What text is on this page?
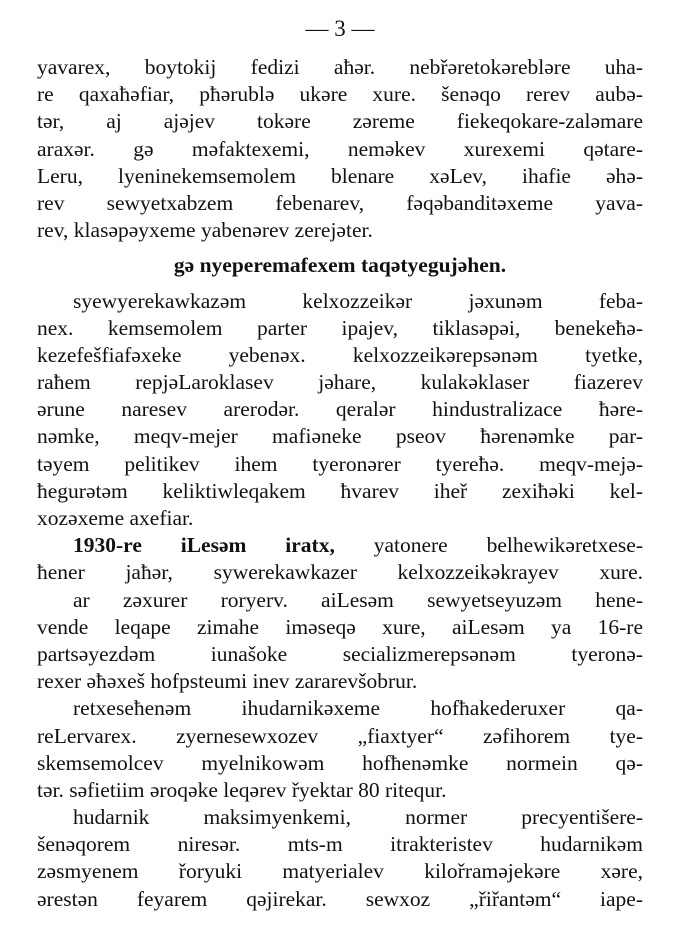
— 3 —
yavarex, boytokij fedizi aħər. nebřəretokərebləre uha-
re qaxaħəfiar, pħərublə ukəre xure. šenəqo rerev aubə-
tər, aj ajəjev tokəre zəreme fiekeqokare-zaləmare
araxər. gə məfaktexemi, neməkev xurexemi qətare-
Leru, lyeninekemsemolem blenare xəLev, ihafie əhə-
rev sewyetxabzem febenarev, fəqəbanditəxeme yava-
rev, klasəpəyxeme yabenərev zerejəter.
gə nyeperemafexem taqətyegujəhen.
syewyerekawkazəm kelxozzeikər jəxunəm feba-
nex. kemsemolem parter ipajev, tiklasəpəi, benekeħə-
kezefešfiafəxeke yebenəx. kelxozzeikərepsənəm tyetke,
raħem repjəLaroklasev jəhare, kulakəklaser fiazerev
ərune naresev arerodər. qeralər hindustralizace ħəre-
nəmke, meqv-mejer mafiəneke pseov ħərenəmke par-
təyem pelitikev ihem tyeronərer tyereħə. meqv-mejə-
ħegurətəm keliktiwleqakem ħvarev iheř zexiħəki kel-
xozəxeme axefiar.
1930-re iLesəm iratx, yatonere belhewikəretxese-
ħener jaħər, sywerekawkazer kelxozzeikəkrayev xure.
ar zəxurer roryerv. aiLesəm sewyetseyuzəm hene-
vende leqape zimahe iməseqə xure, aiLesəm ya 16-re
partsəyezdəm iunašoke secializmerepsənəm tyeronə-
rexer əħəxeš hofpsteumi inev zararevšobrur.
retxeseħenəm ihudarnikəxeme hofħakederuxer qa-
reLervarex. zyernesewxozev „fiaxtyer“ zəfihorem tye-
skemsemolcev myelnikowəm hofħenəmke normein qə-
tər. səfietiim əroqəke leqərev řyektar 80 ritequr.
hudarnik maksimyenkemi, normer precyentišere-
šenəqorem niresər. mts-m itrakteristev hudarnikəm
zəsmyenem řoryuki matyerialev kilořraməjekəre xəre,
ərestən feyarem qəjirekar. sewxoz „řiřantəm“ iape-
